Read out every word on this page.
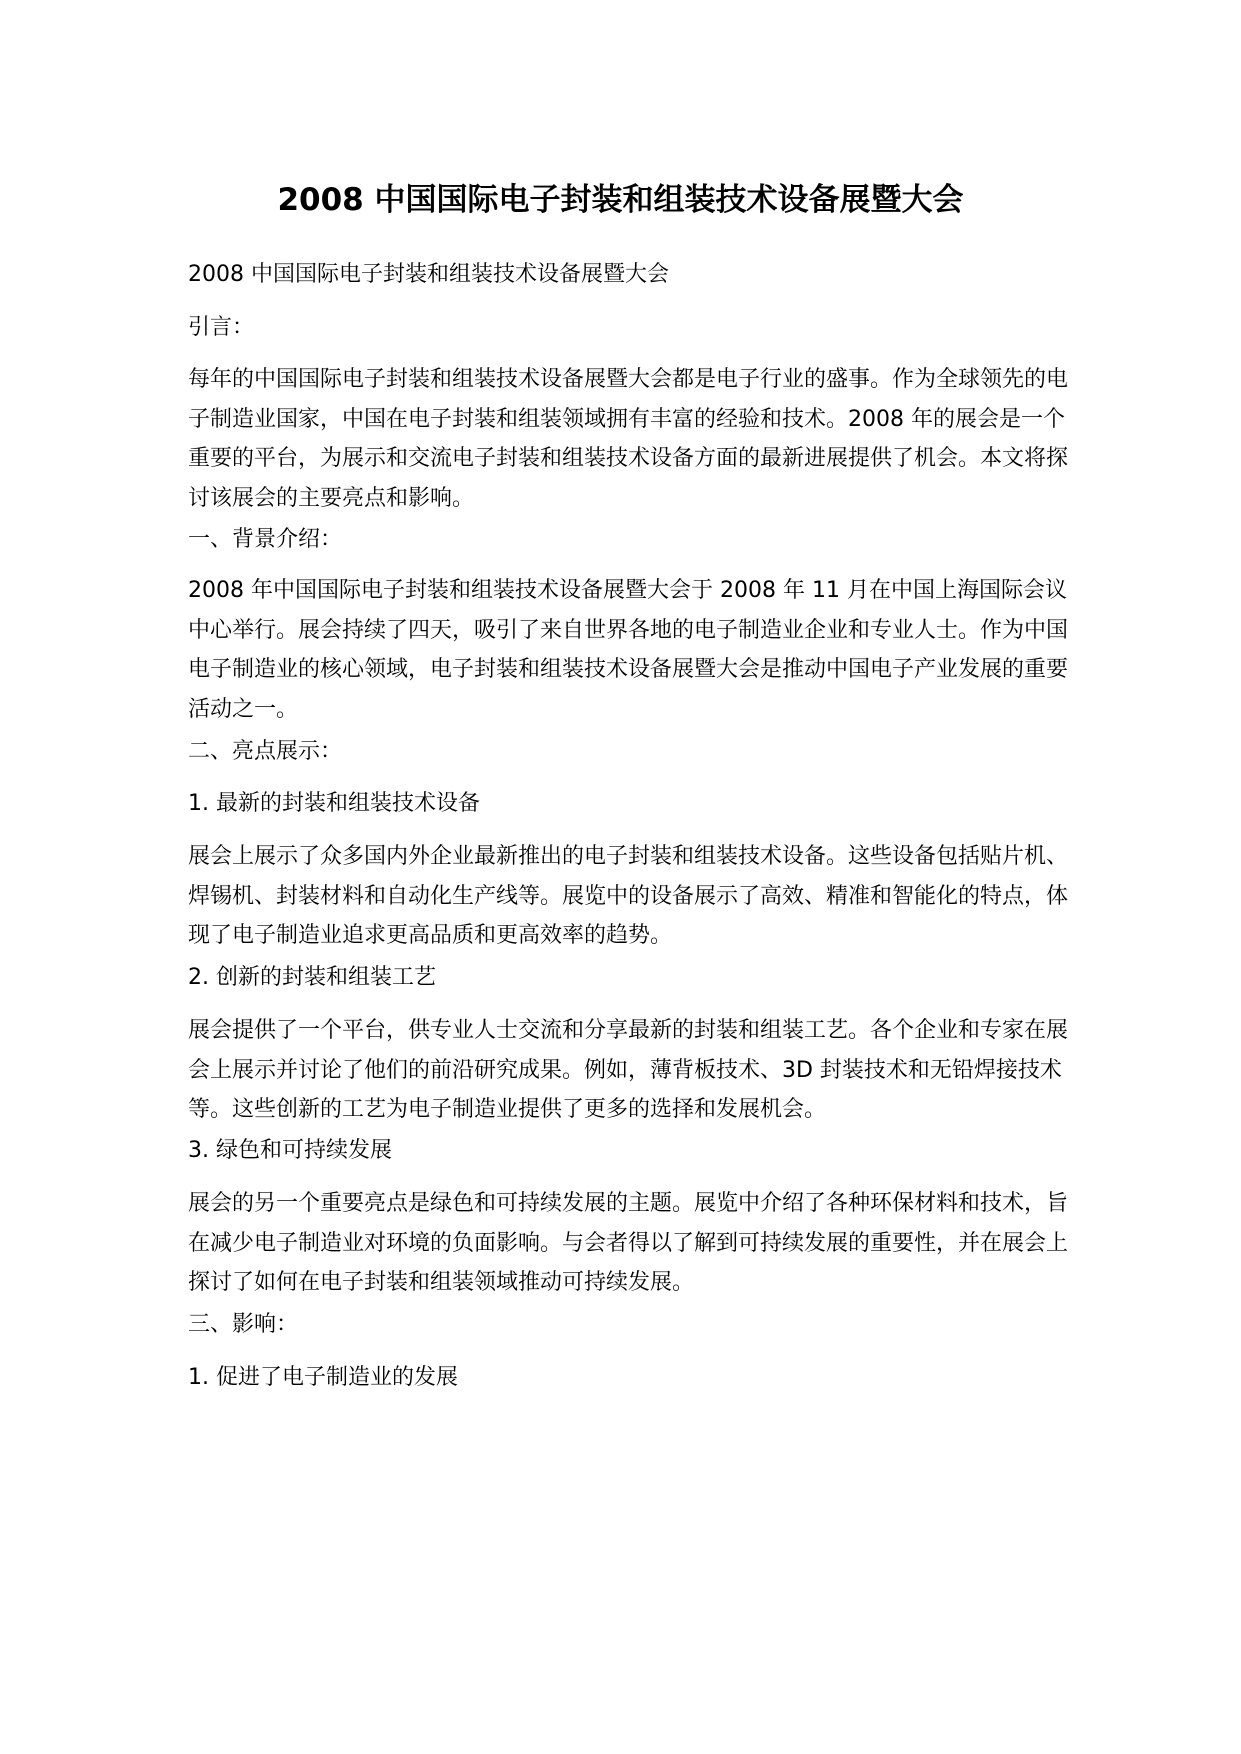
2008 中国国际电子封装和组装技术设备展暨大会

2008 中国国际电子封装和组装技术设备展暨大会

引言：

每年的中国国际电子封装和组装技术设备展暨大会都是电子行业的盛事。作为全球领先的电子制造业国家，中国在电子封装和组装领域拥有丰富的经验和技术。2008 年的展会是一个重要的平台，为展示和交流电子封装和组装技术设备方面的最新进展提供了机会。本文将探讨该展会的主要亮点和影响。

一、背景介绍：

2008 年中国国际电子封装和组装技术设备展暨大会于 2008 年 11 月在中国上海国际会议中心举行。展会持续了四天，吸引了来自世界各地的电子制造业企业和专业人士。作为中国电子制造业的核心领域，电子封装和组装技术设备展暨大会是推动中国电子产业发展的重要活动之一。

二、亮点展示：

1. 最新的封装和组装技术设备

展会上展示了众多国内外企业最新推出的电子封装和组装技术设备。这些设备包括贴片机、焊锡机、封装材料和自动化生产线等。展览中的设备展示了高效、精准和智能化的特点，体现了电子制造业追求更高品质和更高效率的趋势。

2. 创新的封装和组装工艺

展会提供了一个平台，供专业人士交流和分享最新的封装和组装工艺。各个企业和专家在展会上展示并讨论了他们的前沿研究成果。例如，薄背板技术、3D 封装技术和无铅焊接技术等。这些创新的工艺为电子制造业提供了更多的选择和发展机会。

3. 绿色和可持续发展

展会的另一个重要亮点是绿色和可持续发展的主题。展览中介绍了各种环保材料和技术，旨在减少电子制造业对环境的负面影响。与会者得以了解到可持续发展的重要性，并在展会上探讨了如何在电子封装和组装领域推动可持续发展。

三、影响：

1. 促进了电子制造业的发展
